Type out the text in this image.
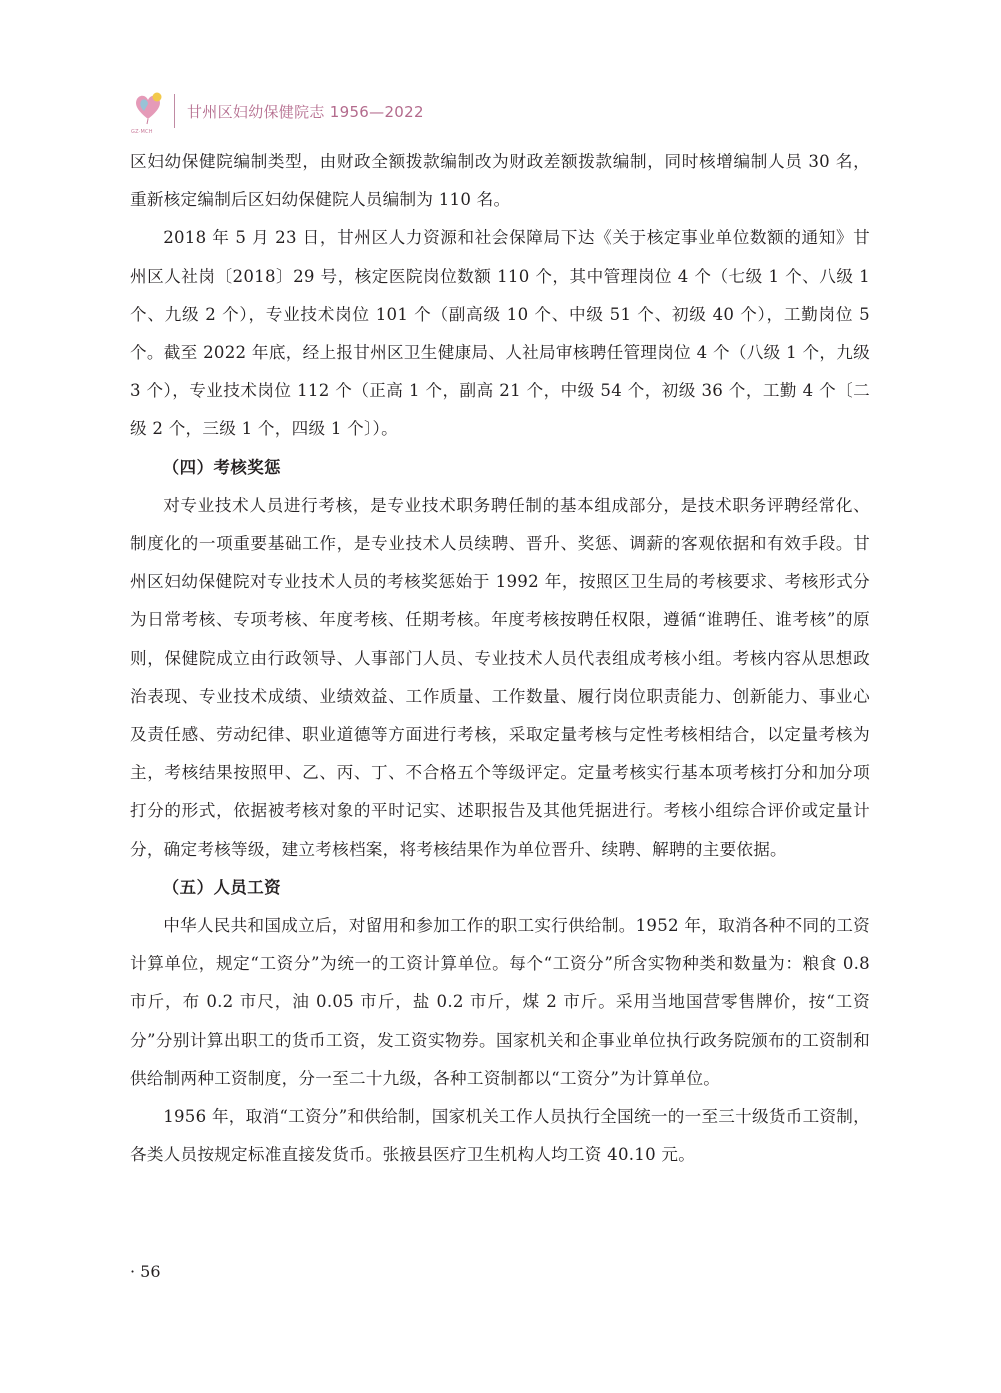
GZ·MCH
甘州区妇幼保健院志 1956—2022

区妇幼保健院编制类型，由财政全额拨款编制改为财政差额拨款编制，同时核增编制人员 30 名，重新核定编制后区妇幼保健院人员编制为 110 名。

2018 年 5 月 23 日，甘州区人力资源和社会保障局下达《关于核定事业单位数额的通知》甘州区人社岗〔2018〕29 号，核定医院岗位数额 110 个，其中管理岗位 4 个（七级 1 个、八级 1 个、九级 2 个），专业技术岗位 101 个（副高级 10 个、中级 51 个、初级 40 个），工勤岗位 5 个。截至 2022 年底，经上报甘州区卫生健康局、人社局审核聘任管理岗位 4 个（八级 1 个，九级 3 个），专业技术岗位 112 个（正高 1 个，副高 21 个，中级 54 个，初级 36 个，工勤 4 个〔二级 2 个，三级 1 个，四级 1 个〕）。

（四）考核奖惩

对专业技术人员进行考核，是专业技术职务聘任制的基本组成部分，是技术职务评聘经常化、制度化的一项重要基础工作，是专业技术人员续聘、晋升、奖惩、调薪的客观依据和有效手段。甘州区妇幼保健院对专业技术人员的考核奖惩始于 1992 年，按照区卫生局的考核要求、考核形式分为日常考核、专项考核、年度考核、任期考核。年度考核按聘任权限，遵循“谁聘任、谁考核”的原则，保健院成立由行政领导、人事部门人员、专业技术人员代表组成考核小组。考核内容从思想政治表现、专业技术成绩、业绩效益、工作质量、工作数量、履行岗位职责能力、创新能力、事业心及责任感、劳动纪律、职业道德等方面进行考核，采取定量考核与定性考核相结合，以定量考核为主，考核结果按照甲、乙、丙、丁、不合格五个等级评定。定量考核实行基本项考核打分和加分项打分的形式，依据被考核对象的平时记实、述职报告及其他凭据进行。考核小组综合评价或定量计分，确定考核等级，建立考核档案，将考核结果作为单位晋升、续聘、解聘的主要依据。

（五）人员工资

中华人民共和国成立后，对留用和参加工作的职工实行供给制。1952 年，取消各种不同的工资计算单位，规定“工资分”为统一的工资计算单位。每个“工资分”所含实物种类和数量为：粮食 0.8 市斤，布 0.2 市尺，油 0.05 市斤，盐 0.2 市斤，煤 2 市斤。采用当地国营零售牌价，按“工资分”分别计算出职工的货币工资，发工资实物券。国家机关和企事业单位执行政务院颁布的工资制和供给制两种工资制度，分一至二十九级，各种工资制都以“工资分”为计算单位。

1956 年，取消“工资分”和供给制，国家机关工作人员执行全国统一的一至三十级货币工资制，各类人员按规定标准直接发货币。张掖县医疗卫生机构人均工资 40.10 元。

· 56
